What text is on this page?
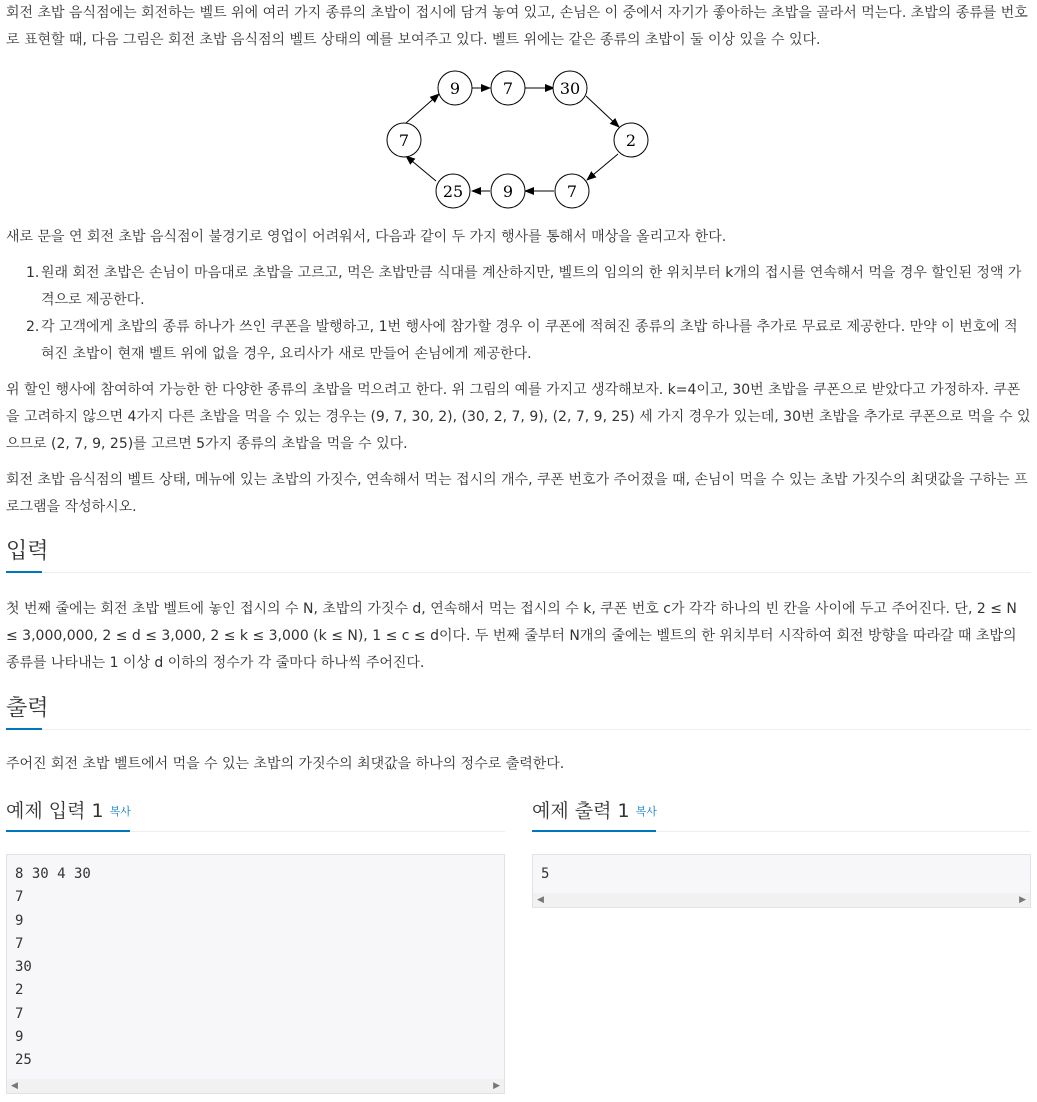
회전 초밥 음식점에는 회전하는 벨트 위에 여러 가지 종류의 초밥이 접시에 담겨 놓여 있고, 손님은 이 중에서 자기가 좋아하는 초밥을 골라서 먹는다. 초밥의 종류를 번호로 표현할 때, 다음 그림은 회전 초밥 음식점의 벨트 상태의 예를 보여주고 있다. 벨트 위에는 같은 종류의 초밥이 둘 이상 있을 수 있다.

9	7	30
2
7
9
25
7

새로 문을 연 회전 초밥 음식점이 불경기로 영업이 어려워서, 다음과 같이 두 가지 행사를 통해서 매상을 올리고자 한다.

1. 원래 회전 초밥은 손님이 마음대로 초밥을 고르고, 먹은 초밥만큼 식대를 계산하지만, 벨트의 임의의 한 위치부터 k개의 접시를 연속해서 먹을 경우 할인된 정액 가격으로 제공한다.
2. 각 고객에게 초밥의 종류 하나가 쓰인 쿠폰을 발행하고, 1번 행사에 참가할 경우 이 쿠폰에 적혀진 종류의 초밥 하나를 추가로 무료로 제공한다. 만약 이 번호에 적혀진 초밥이 현재 벨트 위에 없을 경우, 요리사가 새로 만들어 손님에게 제공한다.

위 할인 행사에 참여하여 가능한 한 다양한 종류의 초밥을 먹으려고 한다. 위 그림의 예를 가지고 생각해보자. k=4이고, 30번 초밥을 쿠폰으로 받았다고 가정하자. 쿠폰을 고려하지 않으면 4가지 다른 초밥을 먹을 수 있는 경우는 (9, 7, 30, 2), (30, 2, 7, 9), (2, 7, 9, 25) 세 가지 경우가 있는데, 30번 초밥을 추가로 쿠폰으로 먹을 수 있으므로 (2, 7, 9, 25)를 고르면 5가지 종류의 초밥을 먹을 수 있다.

회전 초밥 음식점의 벨트 상태, 메뉴에 있는 초밥의 가짓수, 연속해서 먹는 접시의 개수, 쿠폰 번호가 주어졌을 때, 손님이 먹을 수 있는 초밥 가짓수의 최댓값을 구하는 프로그램을 작성하시오.

입력

첫 번째 줄에는 회전 초밥 벨트에 놓인 접시의 수 N, 초밥의 가짓수 d, 연속해서 먹는 접시의 수 k, 쿠폰 번호 c가 각각 하나의 빈 칸을 사이에 두고 주어진다. 단, 2 ≤ N ≤ 3,000,000, 2 ≤ d ≤ 3,000, 2 ≤ k ≤ 3,000 (k ≤ N), 1 ≤ c ≤ d이다. 두 번째 줄부터 N개의 줄에는 벨트의 한 위치부터 시작하여 회전 방향을 따라갈 때 초밥의 종류를 나타내는 1 이상 d 이하의 정수가 각 줄마다 하나씩 주어진다.

출력

주어진 회전 초밥 벨트에서 먹을 수 있는 초밥의 가짓수의 최댓값을 하나의 정수로 출력한다.

예제 입력 1 복사
8 30 4 30
7
9
7
30
2
7
9
25
◀	▶
예제 출력 1 복사
5
◀	▶
